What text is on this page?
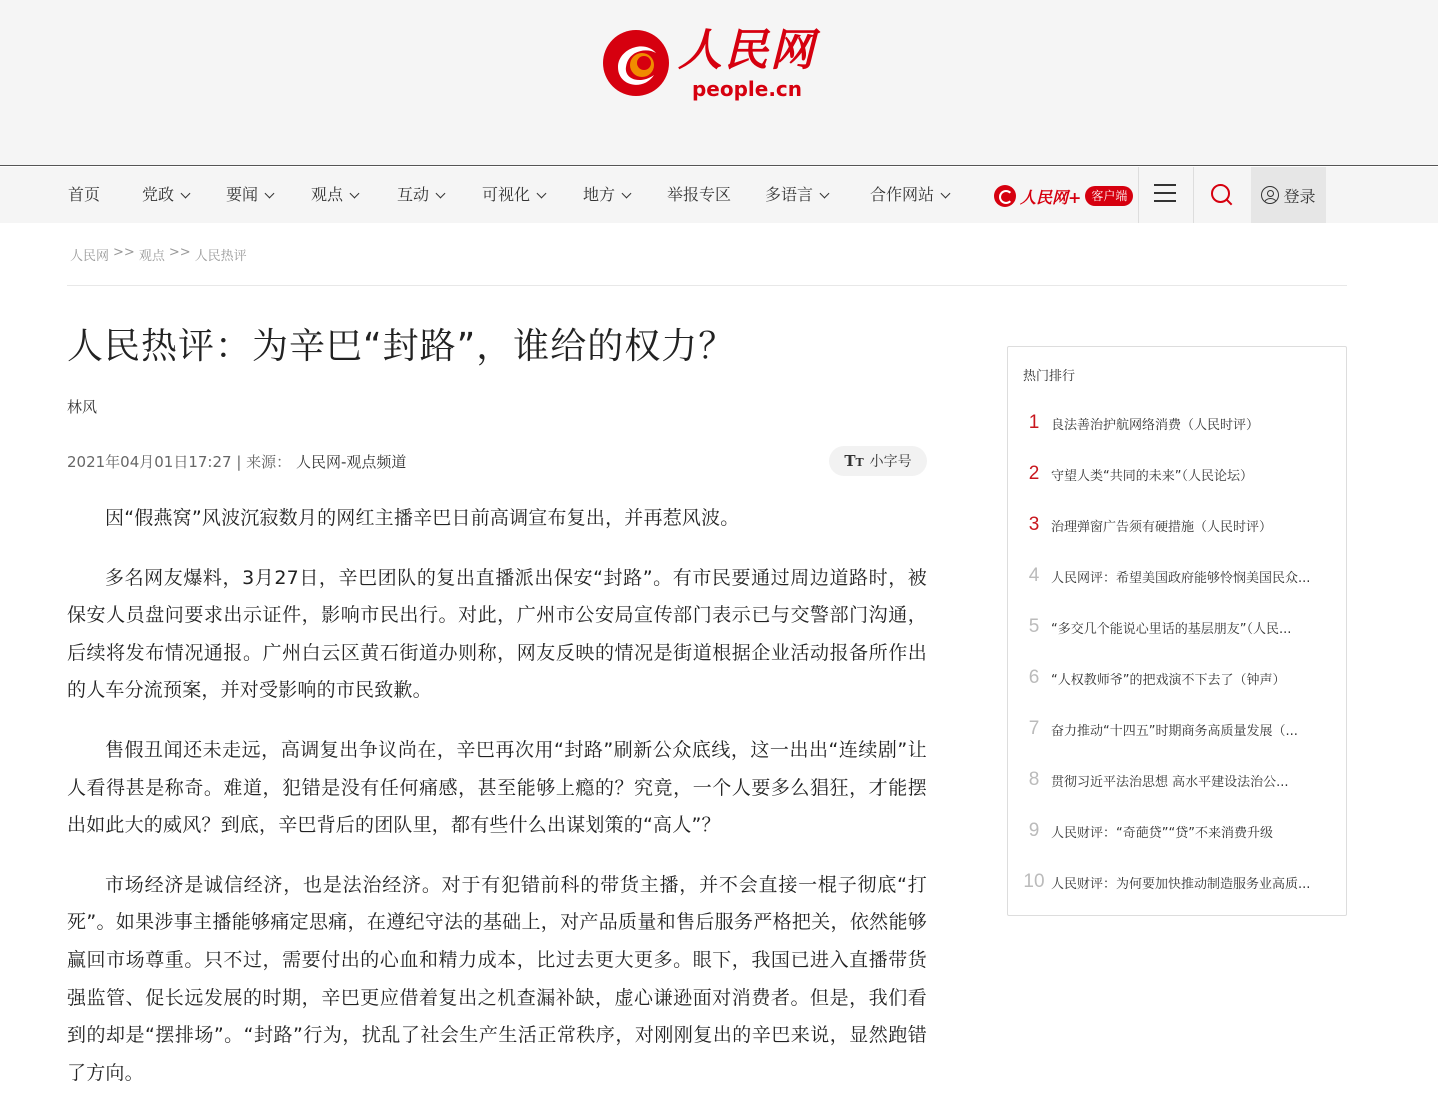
人民网
people.cn
首页	党政	要闻	观点	互动	可视化	地方	举报专区 多语言	合作网站	人民网+ 客户端	登录
人民网 >> 观点 >> 人民热评
人民热评：为辛巴“封路”，谁给的权力？
林风
2021年04月01日17:27 | 来源： 人民网-观点频道	TT 小字号

因“假燕窝”风波沉寂数月的网红主播辛巴日前高调宣布复出，并再惹风波。

多名网友爆料，3月27日，辛巴团队的复出直播派出保安“封路”。有市民要通过周边道路时，被保安人员盘问要求出示证件，影响市民出行。对此，广州市公安局宣传部门表示已与交警部门沟通，后续将发布情况通报。广州白云区黄石街道办则称，网友反映的情况是街道根据企业活动报备所作出的人车分流预案，并对受影响的市民致歉。

售假丑闻还未走远，高调复出争议尚在，辛巴再次用“封路”刷新公众底线，这一出出“连续剧”让人看得甚是称奇。难道，犯错是没有任何痛感，甚至能够上瘾的？究竟，一个人要多么猖狂，才能摆出如此大的威风？到底，辛巴背后的团队里，都有些什么出谋划策的“高人”？

市场经济是诚信经济，也是法治经济。对于有犯错前科的带货主播，并不会直接一棍子彻底“打死”。如果涉事主播能够痛定思痛，在遵纪守法的基础上，对产品质量和售后服务严格把关，依然能够赢回市场尊重。只不过，需要付出的心血和精力成本，比过去更大更多。眼下，我国已进入直播带货强监管、促长远发展的时期，辛巴更应借着复出之机查漏补缺，虚心谦逊面对消费者。但是，我们看到的却是“摆排场”。“封路”行为，扰乱了社会生产生活正常秩序，对刚刚复出的辛巴来说，显然跑错了方向。

热门排行
1 良法善治护航网络消费（人民时评）
2 守望人类“共同的未来”（人民论坛）
3 治理弹窗广告须有硬措施（人民时评）
4 人民网评：希望美国政府能够怜悯美国民众...
5 “多交几个能说心里话的基层朋友”（人民...
6 “人权教师爷”的把戏演不下去了（钟声）
7 奋力推动“十四五”时期商务高质量发展（...
8 贯彻习近平法治思想 高水平建设法治公...
9 人民财评：“奇葩贷”“贷”不来消费升级
10 人民财评：为何要加快推动制造服务业高质...
